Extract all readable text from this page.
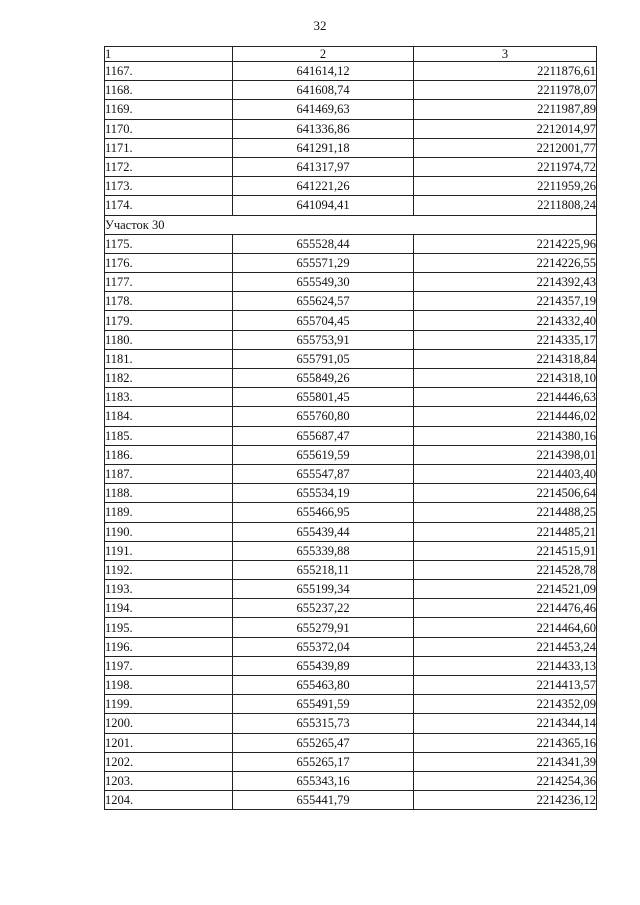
32
1	2	3
1167.	641614,12	2211876,61
1168.	641608,74	2211978,07
1169.	641469,63	2211987,89
1170.	641336,86	2212014,97
1171.	641291,18	2212001,77
1172.	641317,97	2211974,72
1173.	641221,26	2211959,26
1174.	641094,41	2211808,24
Участок 30		
1175.	655528,44	2214225,96
1176.	655571,29	2214226,55
1177.	655549,30	2214392,43
1178.	655624,57	2214357,19
1179.	655704,45	2214332,40
1180.	655753,91	2214335,17
1181.	655791,05	2214318,84
1182.	655849,26	2214318,10
1183.	655801,45	2214446,63
1184.	655760,80	2214446,02
1185.	655687,47	2214380,16
1186.	655619,59	2214398,01
1187.	655547,87	2214403,40
1188.	655534,19	2214506,64
1189.	655466,95	2214488,25
1190.	655439,44	2214485,21
1191.	655339,88	2214515,91
1192.	655218,11	2214528,78
1193.	655199,34	2214521,09
1194.	655237,22	2214476,46
1195.	655279,91	2214464,60
1196.	655372,04	2214453,24
1197.	655439,89	2214433,13
1198.	655463,80	2214413,57
1199.	655491,59	2214352,09
1200.	655315,73	2214344,14
1201.	655265,47	2214365,16
1202.	655265,17	2214341,39
1203.	655343,16	2214254,36
1204.	655441,79	2214236,12
